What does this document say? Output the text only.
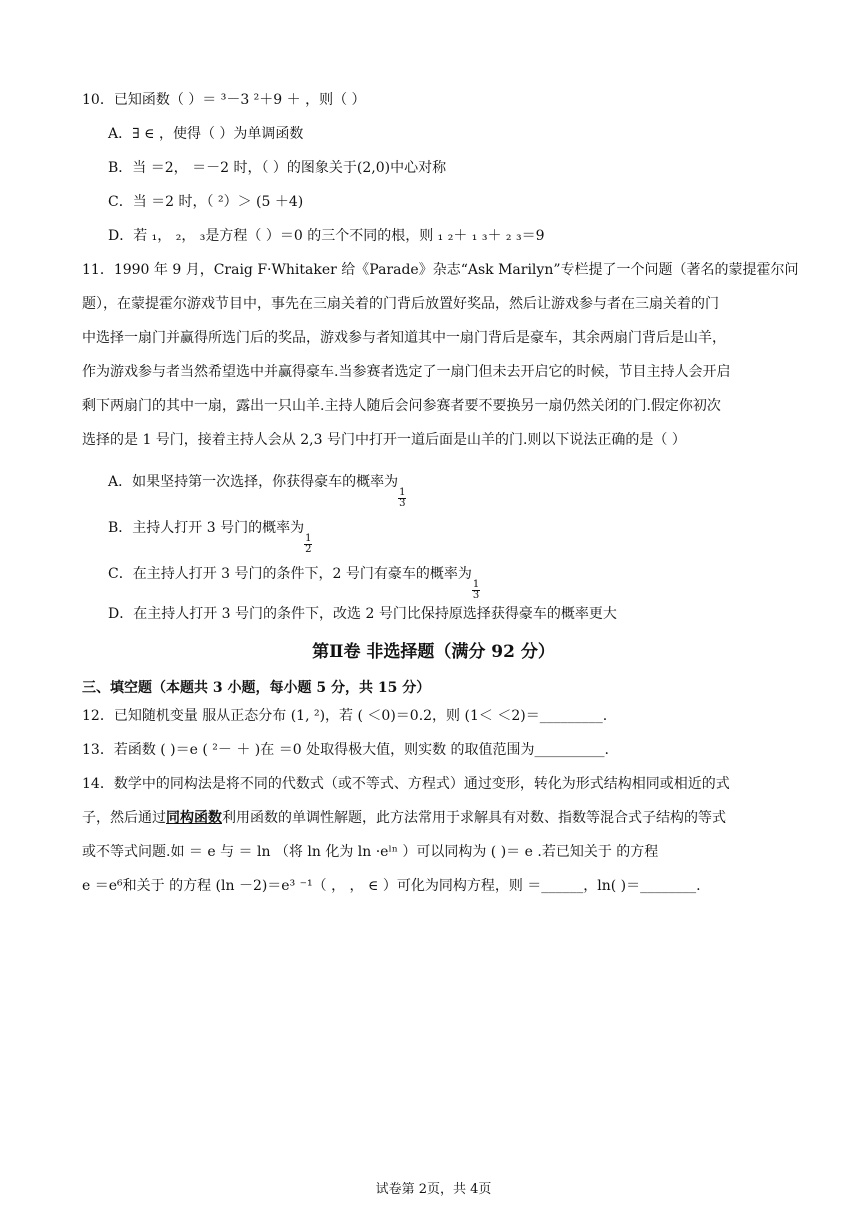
10．已知函数（ ）＝ ³－3 ²＋9 ＋ ，则（ ）
A．∃ ∈ ，使得（ ）为单调函数
B．当 ＝2， ＝－2 时，（ ）的图象关于(2,0)中心对称
C．当 ＝2 时，（ ²）＞ (5 ＋4)
D．若 ₁， ₂， ₃是方程（ ）＝0 的三个不同的根，则 ₁ ₂＋ ₁ ₃＋ ₂ ₃＝9
11．1990 年 9 月，Craig F·Whitaker 给《Parade》杂志“Ask Marilyn”专栏提了一个问题（著名的蒙提霍尔问
题），在蒙提霍尔游戏节目中，事先在三扇关着的门背后放置好奖品，然后让游戏参与者在三扇关着的门
中选择一扇门并赢得所选门后的奖品，游戏参与者知道其中一扇门背后是豪车，其余两扇门背后是山羊，
作为游戏参与者当然希望选中并赢得豪车.当参赛者选定了一扇门但未去开启它的时候，节目主持人会开启
剩下两扇门的其中一扇，露出一只山羊.主持人随后会问参赛者要不要换另一扇仍然关闭的门.假定你初次
选择的是 1 号门，接着主持人会从 2,3 号门中打开一道后面是山羊的门.则以下说法正确的是（ ）
A．如果坚持第一次选择，你获得豪车的概率为
$\frac{1}{3}$
B．主持人打开 3 号门的概率为
$\frac{1}{2}$
C．在主持人打开 3 号门的条件下，2 号门有豪车的概率为
$\frac{1}{3}$
D．在主持人打开 3 号门的条件下，改选 2 号门比保持原选择获得豪车的概率更大
第Ⅱ卷 非选择题（满分 92 分）
三、填空题（本题共 3 小题，每小题 5 分，共 15 分）
12．已知随机变量 服从正态分布 (1, ²)，若 ( ＜0)＝0.2，则 (1＜ ＜2)＝_________.
13．若函数 ( )＝e ( ²－ ＋ )在 ＝0 处取得极大值，则实数 的取值范围为__________.
14．数学中的同构法是将不同的代数式（或不等式、方程式）通过变形，转化为形式结构相同或相近的式
子，然后通过同构函数利用函数的单调性解题，此方法常用于求解具有对数、指数等混合式子结构的等式
或不等式问题.如 ＝ e 与 ＝ ln （将 ln 化为 ln ·eˡⁿ ）可以同构为 ( )＝ e .若已知关于 的方程
e ＝e⁶和关于 的方程 (ln －2)＝e³ ⁻¹（ ， ， ∈ ）可化为同构方程，则 ＝______，ln( )＝________.
试卷第 2页，共 4页
